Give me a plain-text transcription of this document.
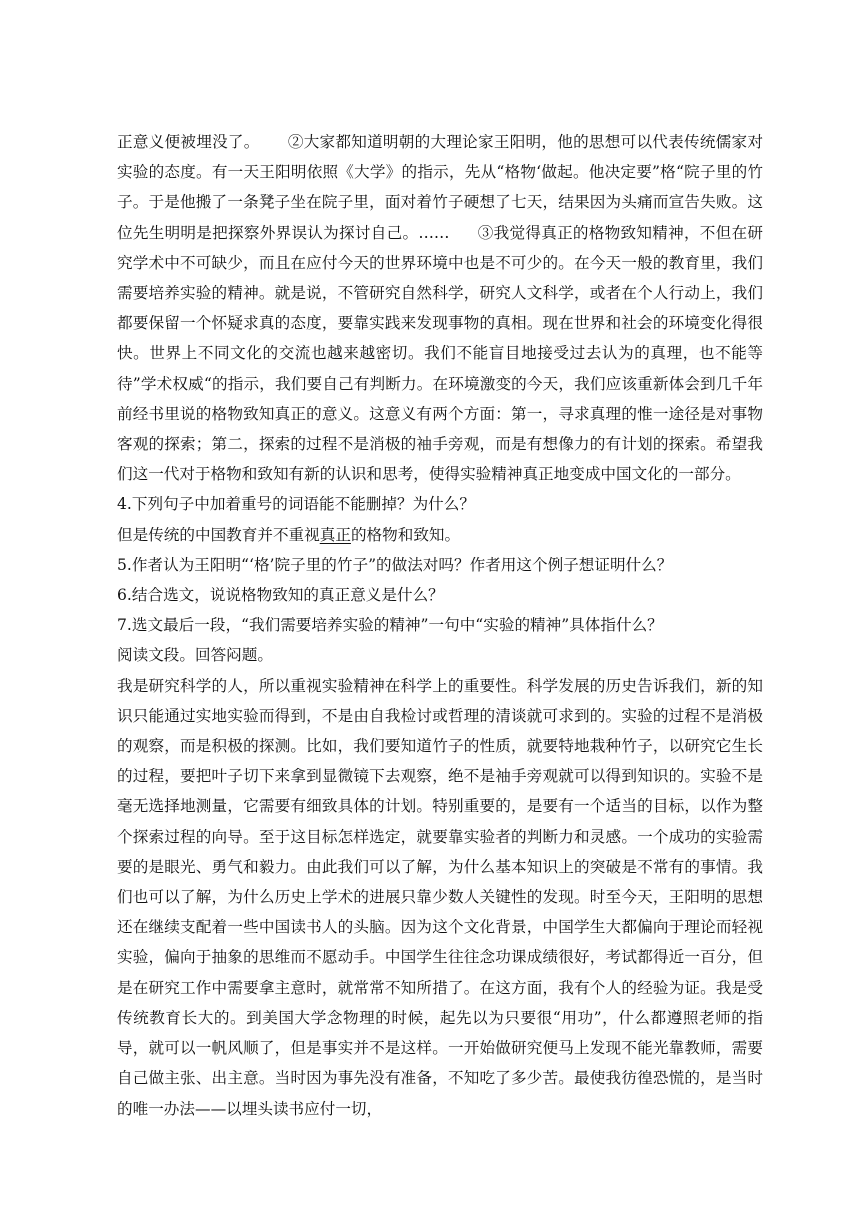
正意义便被埋没了。 ②大家都知道明朝的大理论家王阳明，他的思想可以代表传统儒家对实验的态度。有一天王阳明依照《大学》的指示，先从“格物‘做起。他决定要”格“院子里的竹子。于是他搬了一条凳子坐在院子里，面对着竹子硬想了七天，结果因为头痛而宣告失败。这位先生明明是把探察外界误认为探讨自己。…… ③我觉得真正的格物致知精神，不但在研究学术中不可缺少，而且在应付今天的世界环境中也是不可少的。在今天一般的教育里，我们需要培养实验的精神。就是说，不管研究自然科学，研究人文科学，或者在个人行动上，我们都要保留一个怀疑求真的态度，要靠实践来发现事物的真相。现在世界和社会的环境变化得很快。世界上不同文化的交流也越来越密切。我们不能盲目地接受过去认为的真理，也不能等待”学术权威“的指示，我们要自己有判断力。在环境激变的今天，我们应该重新体会到几千年前经书里说的格物致知真正的意义。这意义有两个方面：第一，寻求真理的惟一途径是对事物客观的探索；第二，探索的过程不是消极的袖手旁观，而是有想像力的有计划的探索。希望我们这一代对于格物和致知有新的认识和思考，使得实验精神真正地变成中国文化的一部分。

4.下列句子中加着重号的词语能不能删掉？为什么？

但是传统的中国教育并不重视真正的格物和致知。

5.作者认为王阳明“‘格’院子里的竹子”的做法对吗？作者用这个例子想证明什么？

6.结合选文，说说格物致知的真正意义是什么？

7.选文最后一段，“我们需要培养实验的精神”一句中“实验的精神”具体指什么？

阅读文段。回答闷题。

我是研究科学的人，所以重视实验精神在科学上的重要性。科学发展的历史告诉我们，新的知识只能通过实地实验而得到，不是由自我检讨或哲理的清谈就可求到的。实验的过程不是消极的观察，而是积极的探测。比如，我们要知道竹子的性质，就要特地栽种竹子，以研究它生长的过程，要把叶子切下来拿到显微镜下去观察，绝不是袖手旁观就可以得到知识的。实验不是毫无选择地测量，它需要有细致具体的计划。特别重要的，是要有一个适当的目标，以作为整个探索过程的向导。至于这目标怎样选定，就要靠实验者的判断力和灵感。一个成功的实验需要的是眼光、勇气和毅力。由此我们可以了解，为什么基本知识上的突破是不常有的事情。我们也可以了解，为什么历史上学术的进展只靠少数人关键性的发现。时至今天，王阳明的思想还在继续支配着一些中国读书人的头脑。因为这个文化背景，中国学生大都偏向于理论而轻视实验，偏向于抽象的思维而不愿动手。中国学生往往念功课成绩很好，考试都得近一百分，但是在研究工作中需要拿主意时，就常常不知所措了。在这方面，我有个人的经验为证。我是受传统教育长大的。到美国大学念物理的时候，起先以为只要很“用功”，什么都遵照老师的指导，就可以一帆风顺了，但是事实并不是这样。一开始做研究便马上发现不能光靠教师，需要自己做主张、出主意。当时因为事先没有准备，不知吃了多少苦。最使我彷徨恐慌的，是当时的唯一办法——以埋头读书应付一切，
